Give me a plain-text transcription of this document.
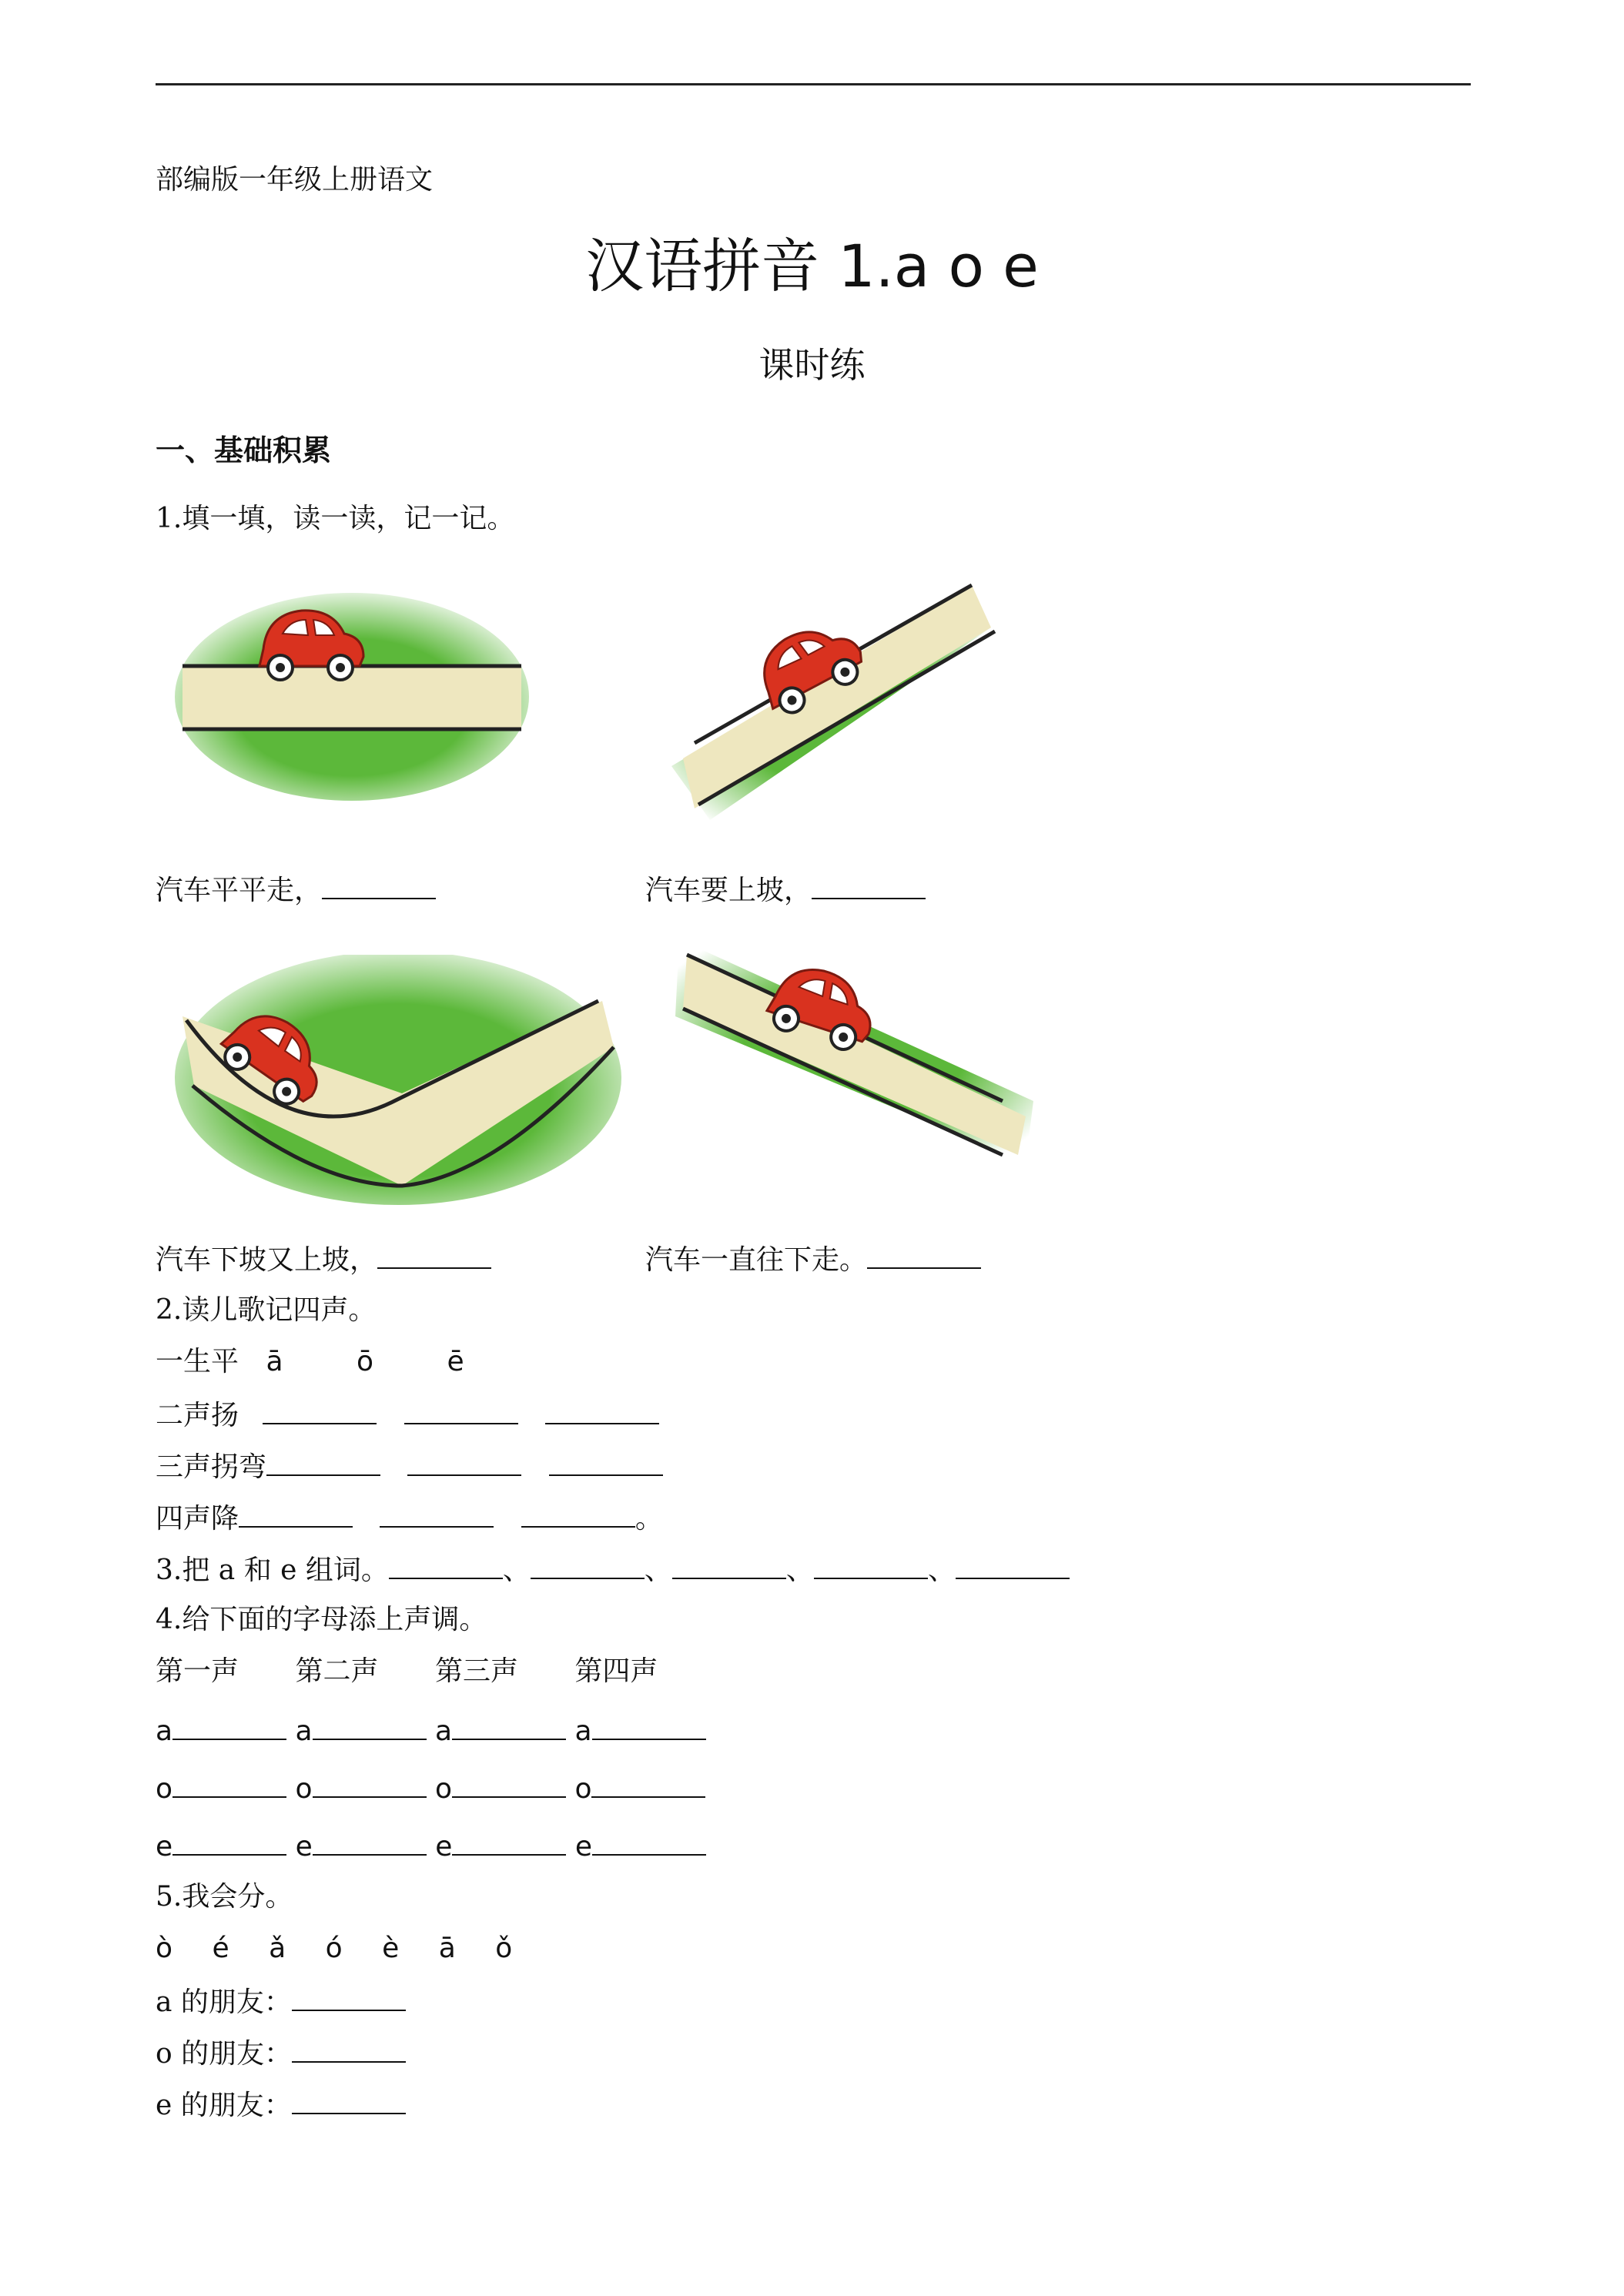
部编版一年级上册语文
汉语拼音 1.a o e
课时练
一、基础积累
1.填一填，读一读，记一记。
汽车平平走，	汽车要上坡，
汽车下坡又上坡，	汽车一直往下走。
2.读儿歌记四声。
一生平 ā	ō	ē
二声扬
三声拐弯
四声降	。
3.把 a 和 e 组词。	、	、	、	、
4.给下面的字母添上声调。
第一声 第二声 第三声 第四声
a	a	a	a
o	o	o	o
e	e	e	e
5.我会分。
ò é ǎ ó è ā ǒ
a 的朋友：
o 的朋友：
e 的朋友：
